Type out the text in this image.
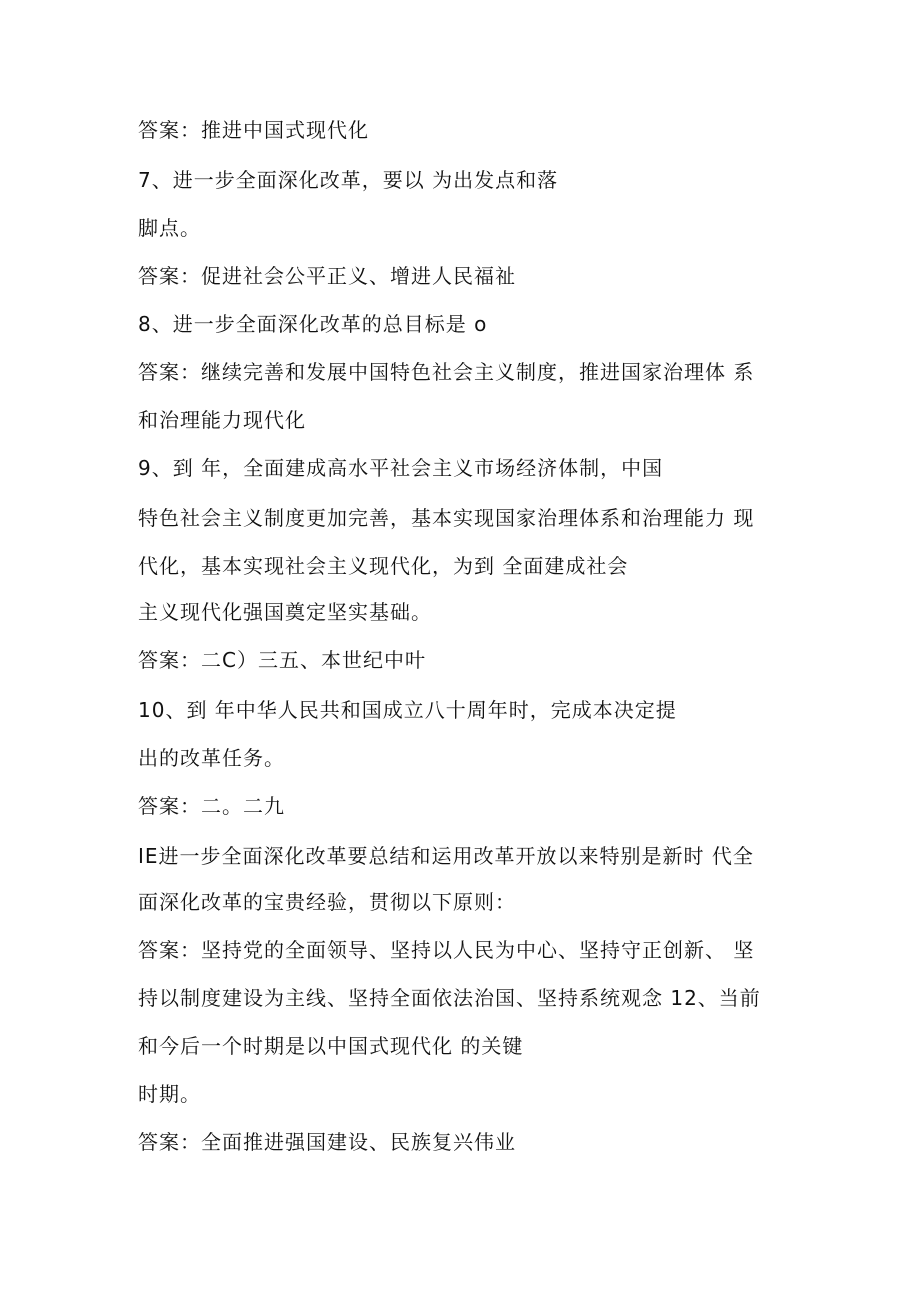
答案：推进中国式现代化
7、进一步全面深化改革，要以 为出发点和落
脚点。
答案：促进社会公平正义、增进人民福祉
8、进一步全面深化改革的总目标是 o
答案：继续完善和发展中国特色社会主义制度，推进国家治理体 系
和治理能力现代化
9、到 年，全面建成高水平社会主义市场经济体制，中国
特色社会主义制度更加完善，基本实现国家治理体系和治理能力 现
代化，基本实现社会主义现代化，为到 全面建成社会
主义现代化强国奠定坚实基础。
答案：二C）三五、本世纪中叶
10、到 年中华人民共和国成立八十周年时，完成本决定提
出的改革任务。
答案：二。二九
IE进一步全面深化改革要总结和运用改革开放以来特别是新时 代全
面深化改革的宝贵经验，贯彻以下原则：
答案：坚持党的全面领导、坚持以人民为中心、坚持守正创新、 坚
持以制度建设为主线、坚持全面依法治国、坚持系统观念 12、当前
和今后一个时期是以中国式现代化 的关键
时期。
答案：全面推进强国建设、民族复兴伟业
